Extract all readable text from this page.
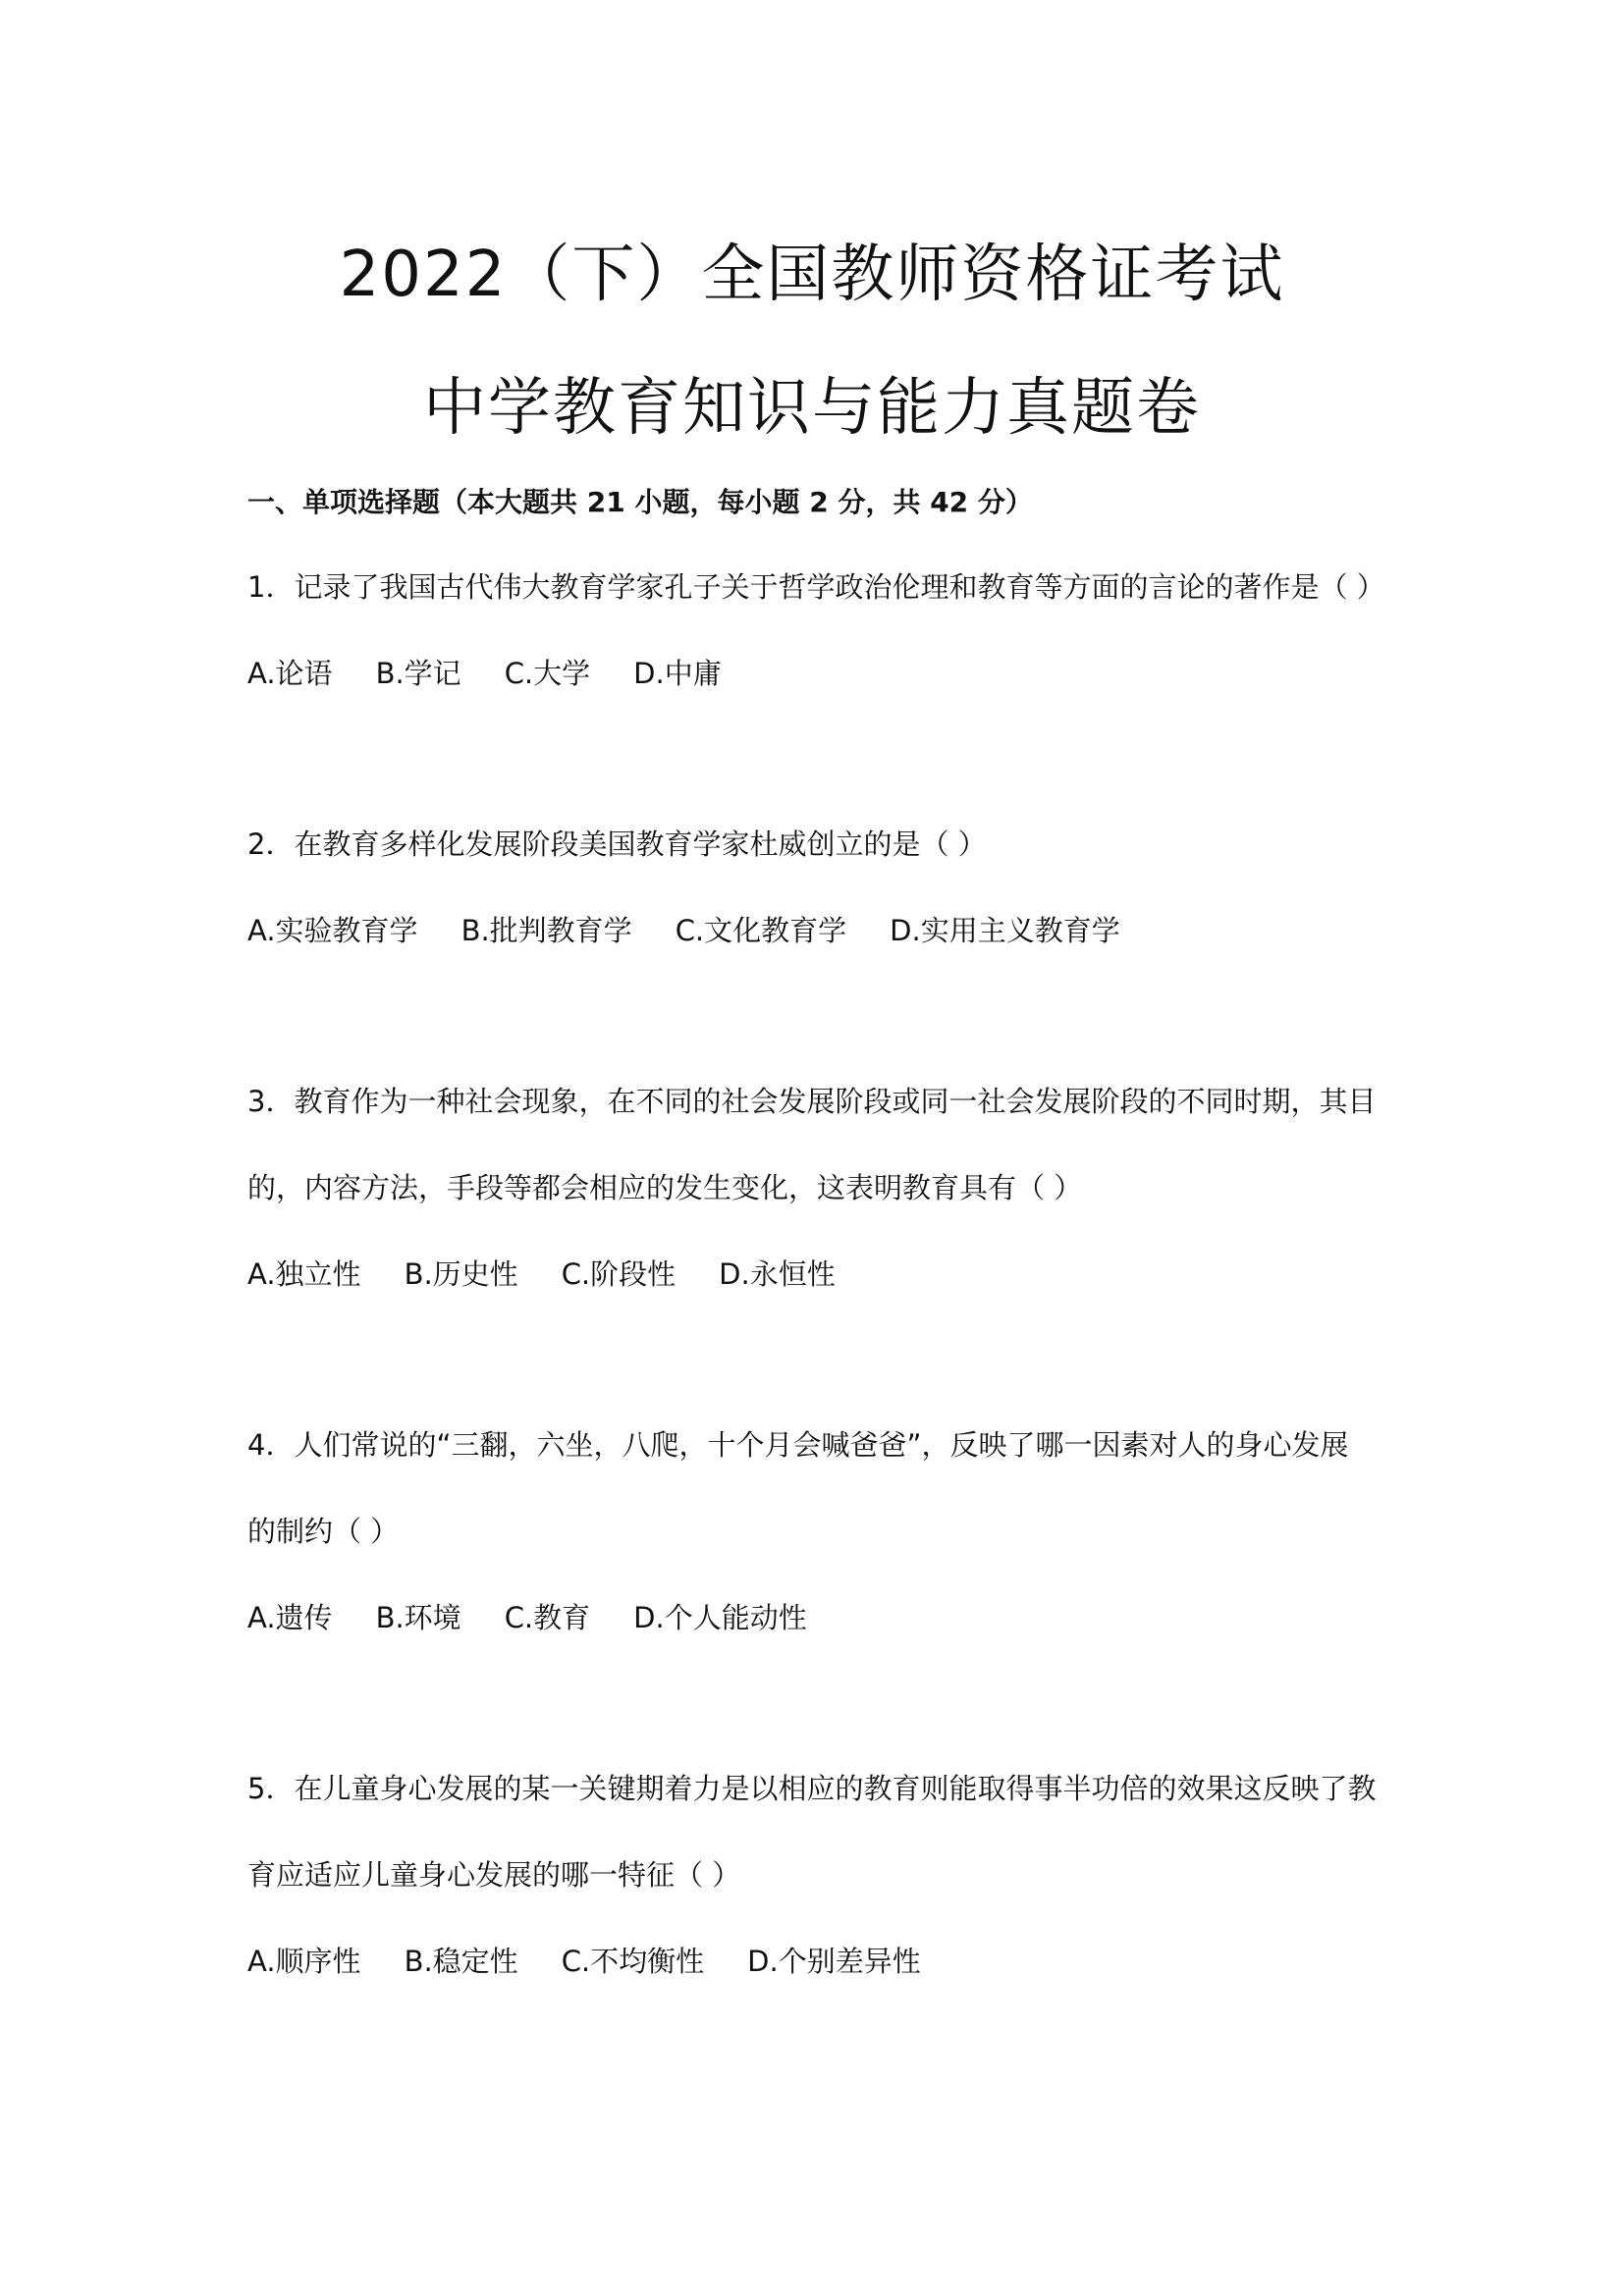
2022（下）全国教师资格证考试
中学教育知识与能力真题卷
一、单项选择题（本大题共 21 小题，每小题 2 分，共 42 分）
1．记录了我国古代伟大教育学家孔子关于哲学政治伦理和教育等方面的言论的著作是（ ）
A.论语 B.学记 C.大学 D.中庸
2．在教育多样化发展阶段美国教育学家杜威创立的是（ ）
A.实验教育学 B.批判教育学 C.文化教育学 D.实用主义教育学
3．教育作为一种社会现象，在不同的社会发展阶段或同一社会发展阶段的不同时期，其目
的，内容方法，手段等都会相应的发生变化，这表明教育具有（ ）
A.独立性 B.历史性 C.阶段性 D.永恒性
4．人们常说的“三翻，六坐，八爬，十个月会喊爸爸”，反映了哪一因素对人的身心发展
的制约（ ）
A.遗传 B.环境 C.教育 D.个人能动性
5．在儿童身心发展的某一关键期着力是以相应的教育则能取得事半功倍的效果这反映了教
育应适应儿童身心发展的哪一特征（ ）
A.顺序性 B.稳定性 C.不均衡性 D.个别差异性
